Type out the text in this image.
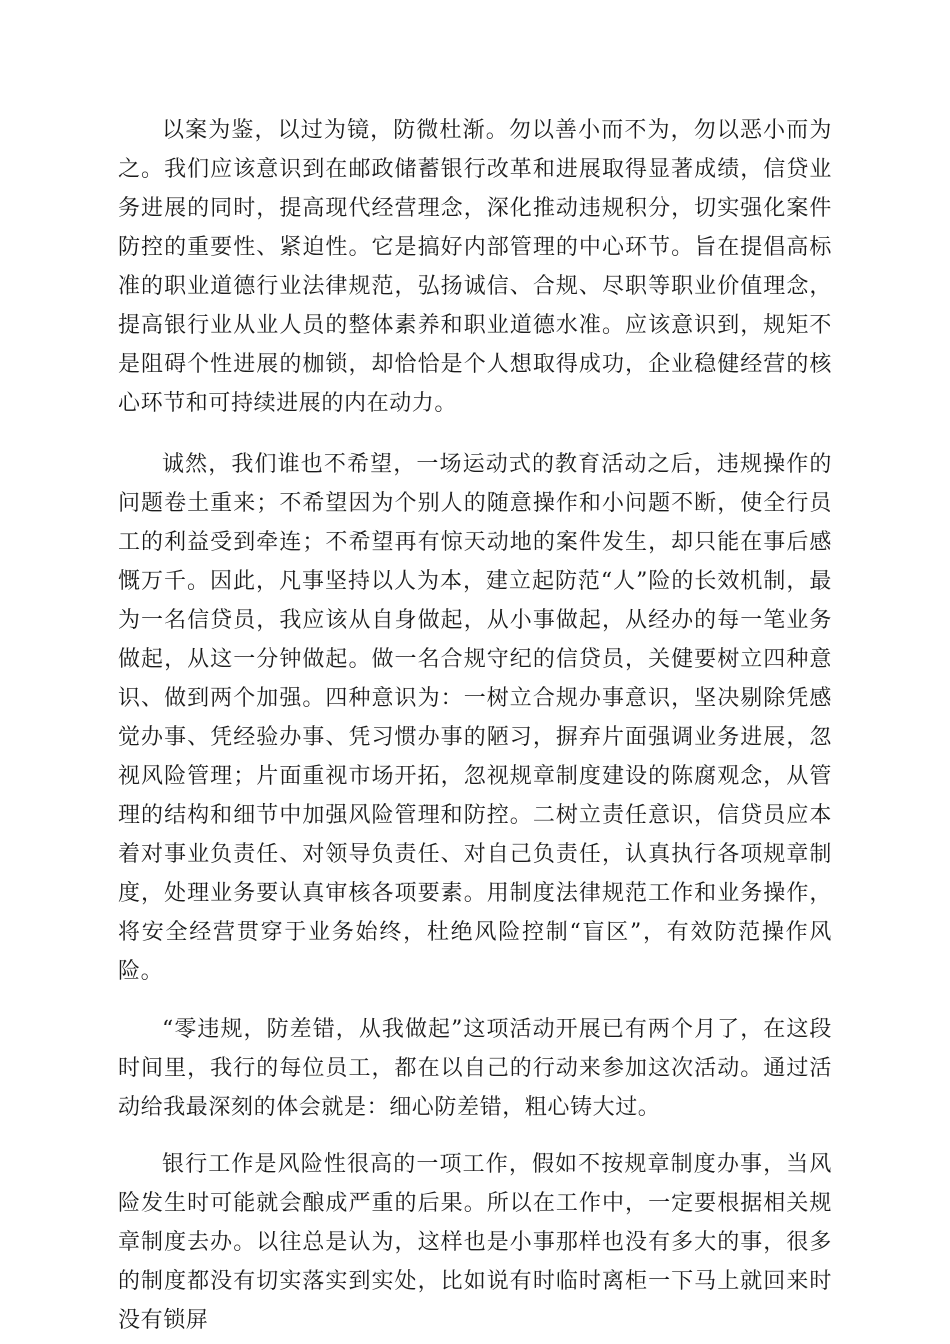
以案为鉴，以过为镜，防微杜渐。勿以善小而不为，勿以恶小而为之。我们应该意识到在邮政储蓄银行改革和进展取得显著成绩，信贷业务进展的同时，提高现代经营理念，深化推动违规积分，切实强化案件防控的重要性、紧迫性。它是搞好内部管理的中心环节。旨在提倡高标准的职业道德行业法律规范，弘扬诚信、合规、尽职等职业价值理念，提高银行业从业人员的整体素养和职业道德水准。应该意识到，规矩不是阻碍个性进展的枷锁，却恰恰是个人想取得成功，企业稳健经营的核心环节和可持续进展的内在动力。

诚然，我们谁也不希望，一场运动式的教育活动之后，违规操作的问题卷土重来；不希望因为个别人的随意操作和小问题不断，使全行员工的利益受到牵连；不希望再有惊天动地的案件发生，却只能在事后感慨万千。因此，凡事坚持以人为本，建立起防范“人”险的长效机制，最为一名信贷员，我应该从自身做起，从小事做起，从经办的每一笔业务做起，从这一分钟做起。做一名合规守纪的信贷员，关健要树立四种意识、做到两个加强。四种意识为：一树立合规办事意识，坚决剔除凭感觉办事、凭经验办事、凭习惯办事的陋习，摒弃片面强调业务进展，忽视风险管理；片面重视市场开拓，忽视规章制度建设的陈腐观念，从管理的结构和细节中加强风险管理和防控。二树立责任意识，信贷员应本着对事业负责任、对领导负责任、对自己负责任，认真执行各项规章制度，处理业务要认真审核各项要素。用制度法律规范工作和业务操作，将安全经营贯穿于业务始终，杜绝风险控制“盲区”，有效防范操作风险。

“零违规，防差错，从我做起”这项活动开展已有两个月了，在这段时间里，我行的每位员工，都在以自己的行动来参加这次活动。通过活动给我最深刻的体会就是：细心防差错，粗心铸大过。

银行工作是风险性很高的一项工作，假如不按规章制度办事，当风险发生时可能就会酿成严重的后果。所以在工作中，一定要根据相关规章制度去办。以往总是认为，这样也是小事那样也没有多大的事，很多的制度都没有切实落实到实处，比如说有时临时离柜一下马上就回来时没有锁屏
